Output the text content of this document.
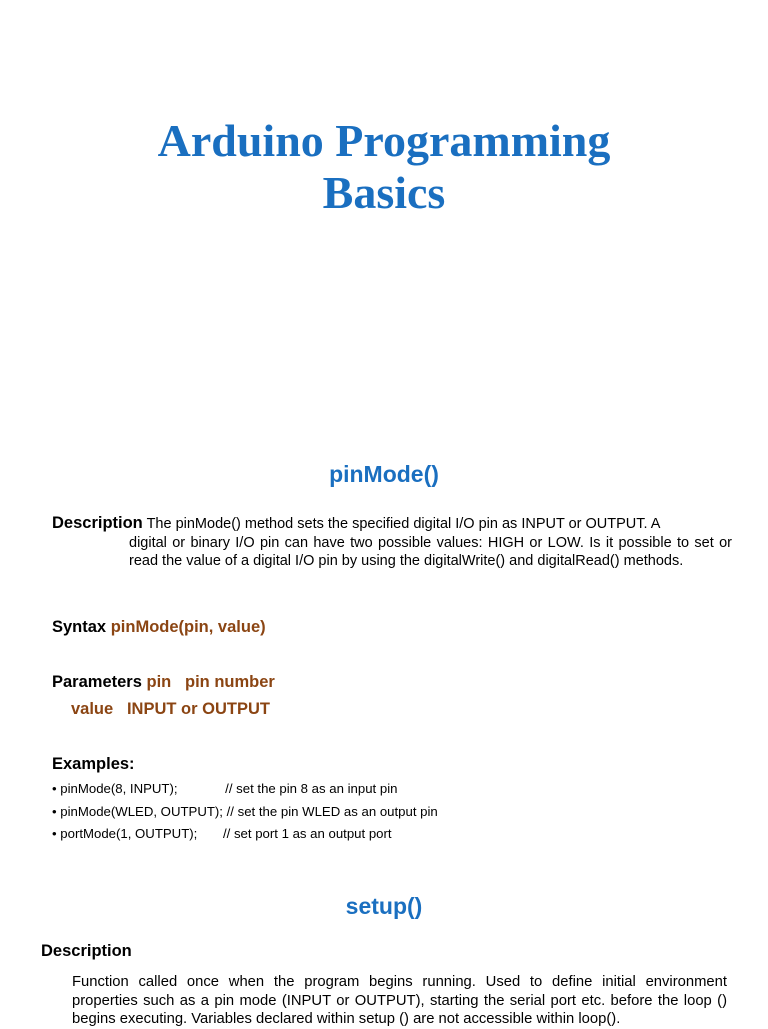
Arduino Programming
Basics
pinMode()
Description The pinMode() method sets the specified digital I/O pin as INPUT or OUTPUT. A
digital or binary I/O pin can have two possible values: HIGH or LOW. Is it possible to set or read the value of a digital I/O pin by using the digitalWrite() and digitalRead() methods.
Syntax pinMode(pin, value)
Parameters pin pin number
value INPUT or OUTPUT
Examples:
• pinMode(8, INPUT);             // set the pin 8 as an input pin
• pinMode(WLED, OUTPUT); // set the pin WLED as an output pin
• portMode(1, OUTPUT);       // set port 1 as an output port
setup()
Description
Function called once when the program begins running. Used to define initial environment properties such as a pin mode (INPUT or OUTPUT), starting the serial port etc. before the loop () begins executing. Variables declared within setup () are not accessible within loop().
